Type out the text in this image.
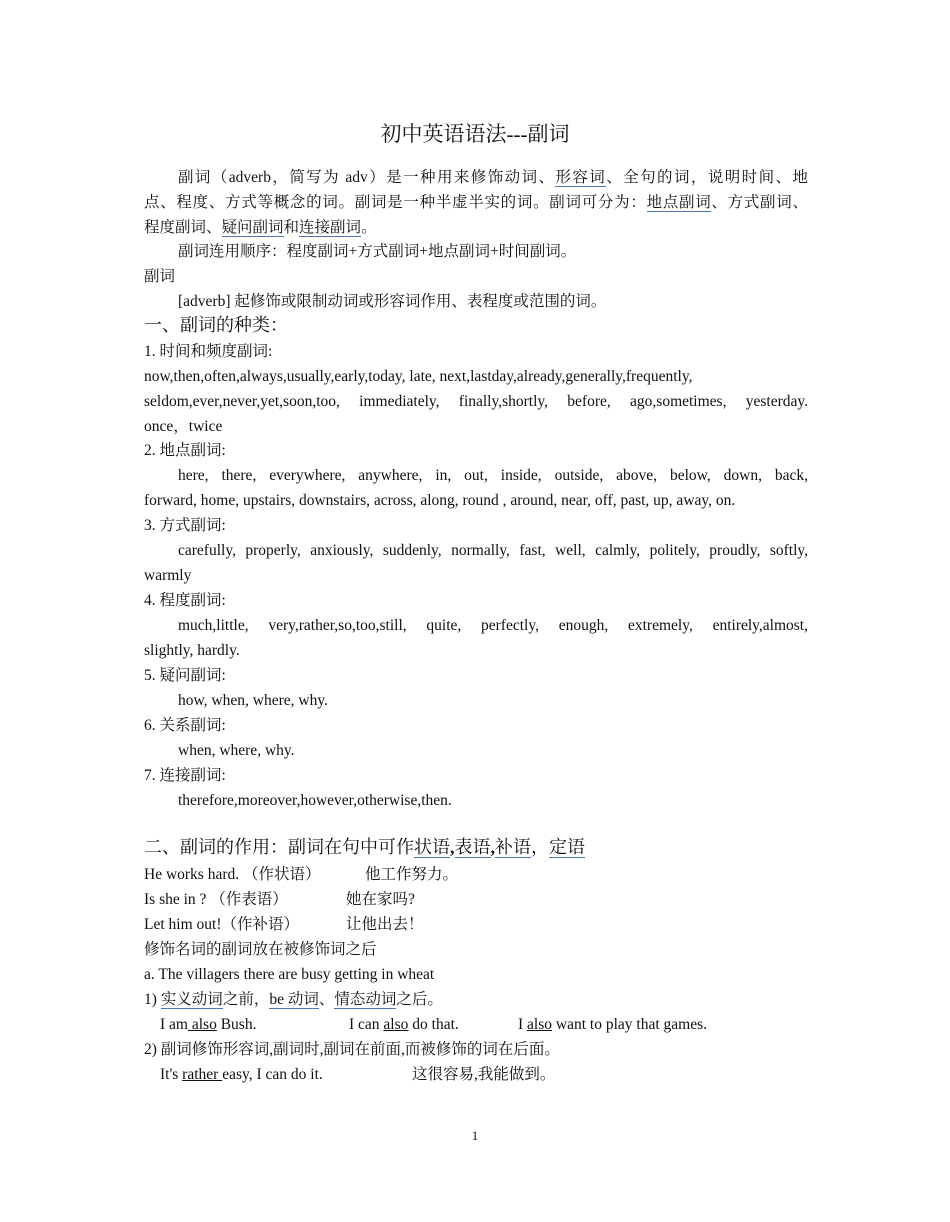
初中英语语法---副词
副词（adverb，简写为 adv）是一种用来修饰动词、形容词、全句的词，说明时间、地
点、程度、方式等概念的词。副词是一种半虚半实的词。副词可分为：地点副词、方式副词、
程度副词、疑问副词和连接副词。
副词连用顺序：程度副词+方式副词+地点副词+时间副词。
副词
[adverb] 起修饰或限制动词或形容词作用、表程度或范围的词。
一、副词的种类：
1. 时间和频度副词:
now,then,often,always,usually,early,today, late, next,lastday,already,generally,frequently,
seldom,ever,never,yet,soon,too, immediately, finally,shortly, before, ago,sometimes, yesterday.
once，twice
2. 地点副词:
here, there, everywhere, anywhere, in, out, inside, outside, above, below, down, back,
forward, home, upstairs, downstairs, across, along, round , around, near, off, past, up, away, on.
3. 方式副词:
carefully, properly, anxiously, suddenly, normally, fast, well, calmly, politely, proudly, softly,
warmly
4. 程度副词:
much,little, very,rather,so,too,still, quite, perfectly, enough, extremely, entirely,almost,
slightly, hardly.
5. 疑问副词:
how, when, where, why.
6. 关系副词:
when, where, why.
7. 连接副词:
therefore,moreover,however,otherwise,then.
二、副词的作用：副词在句中可作状语,表语,补语，定语
He works hard. （作状语）	他工作努力。
Is she in ? （作表语）	她在家吗?
Let him out!（作补语）	让他出去！
修饰名词的副词放在被修饰词之后
a. The villagers there are busy getting in wheat
1) 实义动词之前，be 动词、情态动词之后。
I am also Bush.	I can also do that.	I also want to play that games.
2) 副词修饰形容词,副词时,副词在前面,而被修饰的词在后面。
It's rather easy, I can do it.	这很容易,我能做到。
1
